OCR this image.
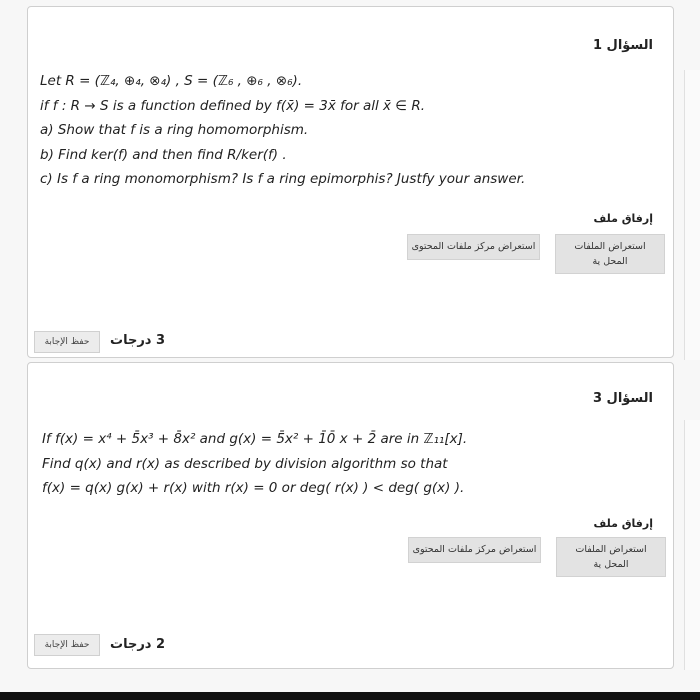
السؤال 1
Let R = (ℤ₄, ⊕₄, ⊗₄) , S = (ℤ₆ , ⊕₆ , ⊗₆).
if f : R → S is a function defined by f(x̄) = 3x̄ for all x̄ ∈ R.
a) Show that f is a ring homomorphism.
b) Find ker(f) and then find R/ker(f) .
c) Is f a ring monomorphism? Is f a ring epimorphis? Justfy your answer.
إرفاق ملف
استعراض الملفات المحل ية
استعراض مركز ملفات المحتوى
3 درجات
حفظ الإجابة
السؤال 3
If f(x) = x⁴ + 5̄x³ + 8̄x² and g(x) = 5̄x² + 1̄0̄ x + 2̄ are in ℤ₁₁[x].
Find q(x) and r(x) as described by division algorithm so that
f(x) = q(x) g(x) + r(x) with r(x) = 0 or deg( r(x) ) < deg( g(x) ).
إرفاق ملف
استعراض الملفات المحل ية
استعراض مركز ملفات المحتوى
2 درجات
حفظ الإجابة
